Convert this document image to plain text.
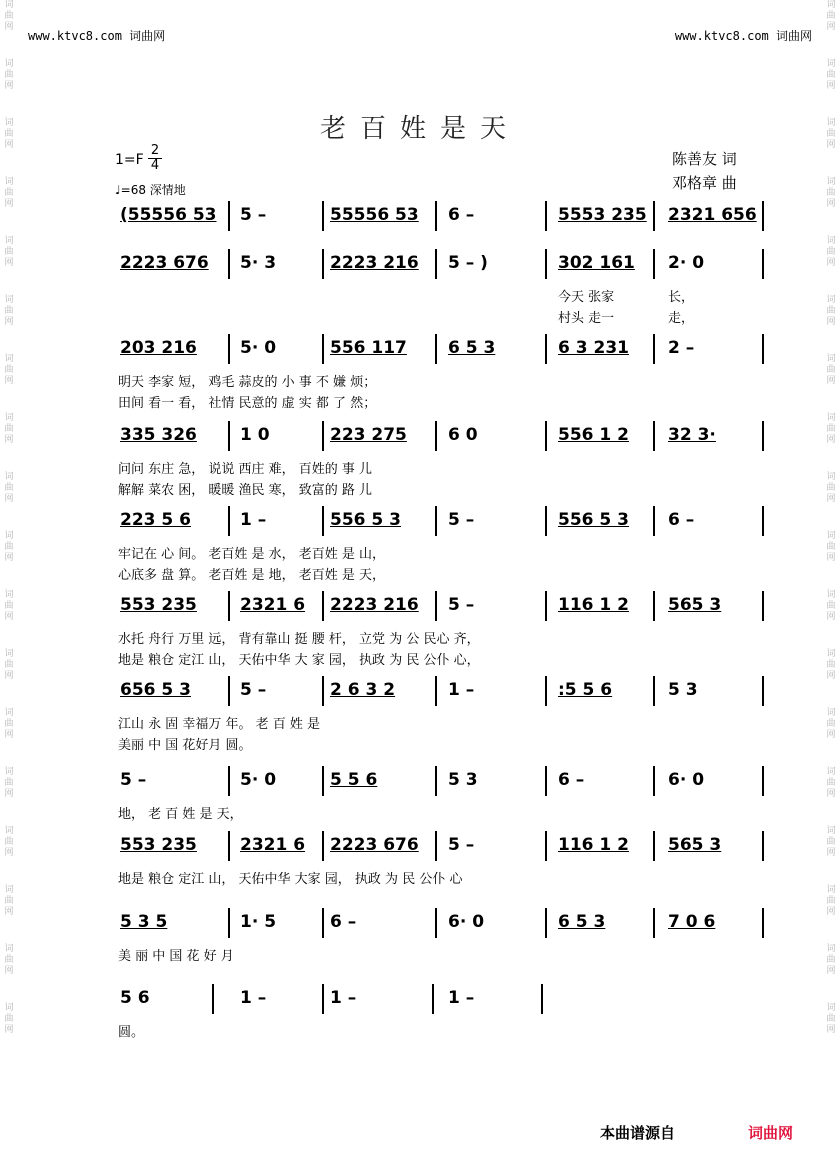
词
曲
网

词
曲
网

词
曲
网

词
曲
网

词
曲
网

词
曲
网

词
曲
网

词
曲
网

词
曲
网

词
曲
网

词
曲
网

词
曲
网

词
曲
网

词
曲
网

词
曲
网

词
曲
网

词
曲
网

词
曲
网

词
曲
网

词
曲
网

词
曲
网

词
曲
网

词
曲
网

词
曲
网

词
曲
网

词
曲
网

词
曲
网

词
曲
网

词
曲
网

词
曲
网

词
曲
网

词
曲
网

词
曲
网

词
曲
网

词
曲
网

词
曲
网

www.ktvc8.com 词曲网	www.ktvc8.com 词曲网
老百姓是天
$1=F \frac{2}{4}$
♩=68 深情地
陈善友 词
邓格章 曲
(55556 53 5 –	55556 53 6 –	5553 235 2321 656
2223 676 5· 3	2223 216 5 – )	302 161 2· 0
今天 张家	长，
村头 走一	走，
203 216	5· 0	556 117 6 5 3	6 3 231 2 –
明天 李家 短， 鸡毛 蒜皮的 小 事 不 嫌 烦；
田间 看一 看， 社情 民意的 虚 实 都 了 然；
335 326	1 0	223 275 6 0	556 1 2 32 3·
问问 东庄 急， 说说 西庄 难， 百姓的 事 儿
解解 菜农 困， 暖暖 渔民 寒， 致富的 路 儿
223 5 6	1 –	556 5 3	5 –	556 5 3 6 –
牢记在 心 间。 老百姓 是 水， 老百姓 是 山，
心底多 盘 算。 老百姓 是 地， 老百姓 是 天，
553 235	2321 6 2223 216 5 –	116 1 2 565 3
水托 舟行 万里 远， 背有靠山 挺 腰 杆， 立党 为 公 民心 齐，
地是 粮仓 定江 山， 天佑中华 大 家 园， 执政 为 民 公仆 心，
656 5 3	5 –	2 6 3 2	1 –	:5 5 6	5 3
江山 永 固 幸福万 年。 老 百 姓 是
美丽 中 国 花好月 圆。
5 –	5· 0	5 5 6	5 3	6 –	6· 0
地， 老 百 姓 是 天，
553 235	2321 6 2223 676 5 –	116 1 2 565 3
地是 粮仓 定江 山， 天佑中华 大家 园， 执政 为 民 公仆 心
5 3 5	1· 5	6 –	6· 0	6 5 3	7 0 6
美 丽 中 国 花 好 月
5 6	1 –	1 –	1 –
圆。
本曲谱源自	词曲网
